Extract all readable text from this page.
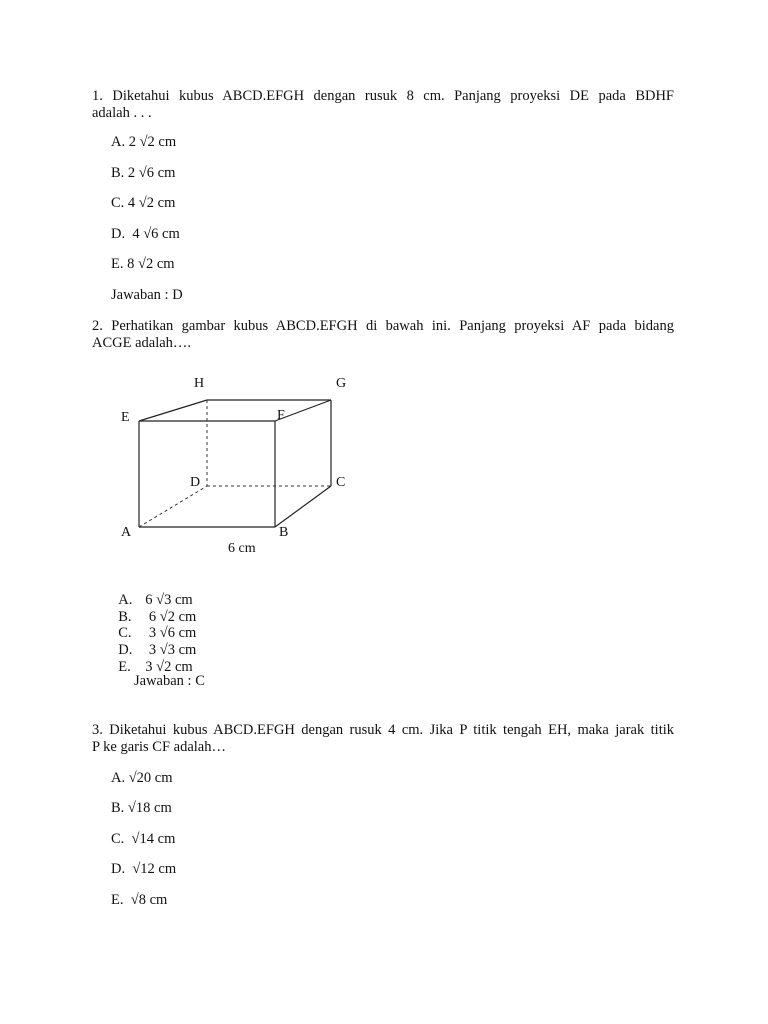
1. Diketahui kubus ABCD.EFGH dengan rusuk 8 cm. Panjang proyeksi DE pada BDHF
adalah . . .
A. 2 √2 cm
B. 2 √6 cm
C. 4 √2 cm
D.  4 √6 cm
E. 8 √2 cm
Jawaban : D
2. Perhatikan gambar kubus ABCD.EFGH di bawah ini. Panjang proyeksi AF pada bidang
ACGE adalah….
H	G
E	F
D	C
A	B
6 cm

A. 6 √3 cm

B. 6 √2 cm

C. 3 √6 cm

D. 3 √3 cm

E. 3 √2 cm

Jawaban : C
3. Diketahui kubus ABCD.EFGH dengan rusuk 4 cm. Jika P titik tengah EH, maka jarak titik
P ke garis CF adalah…
A. √20 cm
B. √18 cm
C.  √14 cm
D.  √12 cm
E.  √8 cm
